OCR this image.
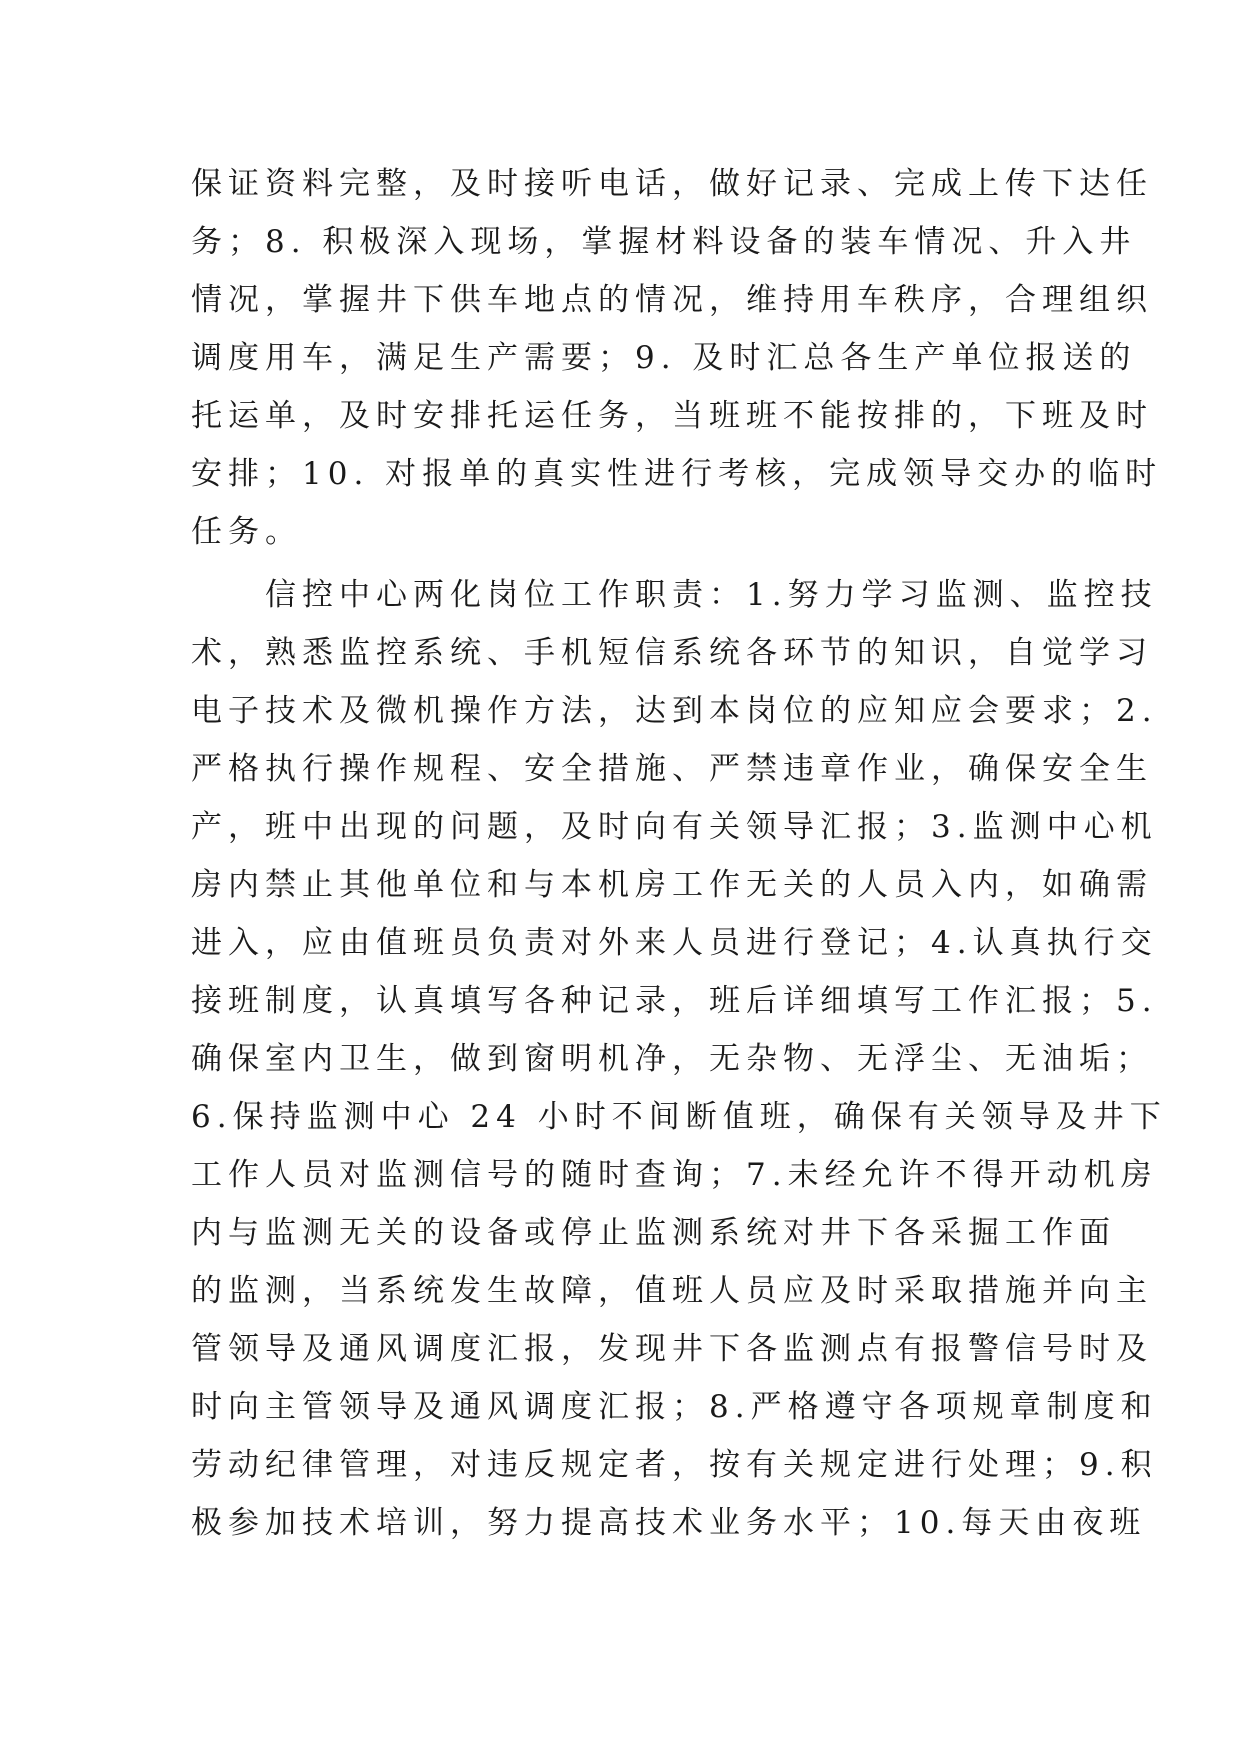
保证资料完整，及时接听电话，做好记录、完成上传下达任
务；8. 积极深入现场，掌握材料设备的装车情况、升入井
情况，掌握井下供车地点的情况，维持用车秩序，合理组织
调度用车，满足生产需要；9. 及时汇总各生产单位报送的
托运单，及时安排托运任务，当班班不能按排的，下班及时
安排；10. 对报单的真实性进行考核，完成领导交办的临时
任务。
　　信控中心两化岗位工作职责：1.努力学习监测、监控技
术，熟悉监控系统、手机短信系统各环节的知识，自觉学习
电子技术及微机操作方法，达到本岗位的应知应会要求；2.
严格执行操作规程、安全措施、严禁违章作业，确保安全生
产，班中出现的问题，及时向有关领导汇报；3.监测中心机
房内禁止其他单位和与本机房工作无关的人员入内，如确需
进入，应由值班员负责对外来人员进行登记；4.认真执行交
接班制度，认真填写各种记录，班后详细填写工作汇报；5.
确保室内卫生，做到窗明机净，无杂物、无浮尘、无油垢；
6.保持监测中心 24 小时不间断值班，确保有关领导及井下
工作人员对监测信号的随时查询；7.未经允许不得开动机房
内与监测无关的设备或停止监测系统对井下各采掘工作面
的监测，当系统发生故障，值班人员应及时采取措施并向主
管领导及通风调度汇报，发现井下各监测点有报警信号时及
时向主管领导及通风调度汇报；8.严格遵守各项规章制度和
劳动纪律管理，对违反规定者，按有关规定进行处理；9.积
极参加技术培训，努力提高技术业务水平；10.每天由夜班
